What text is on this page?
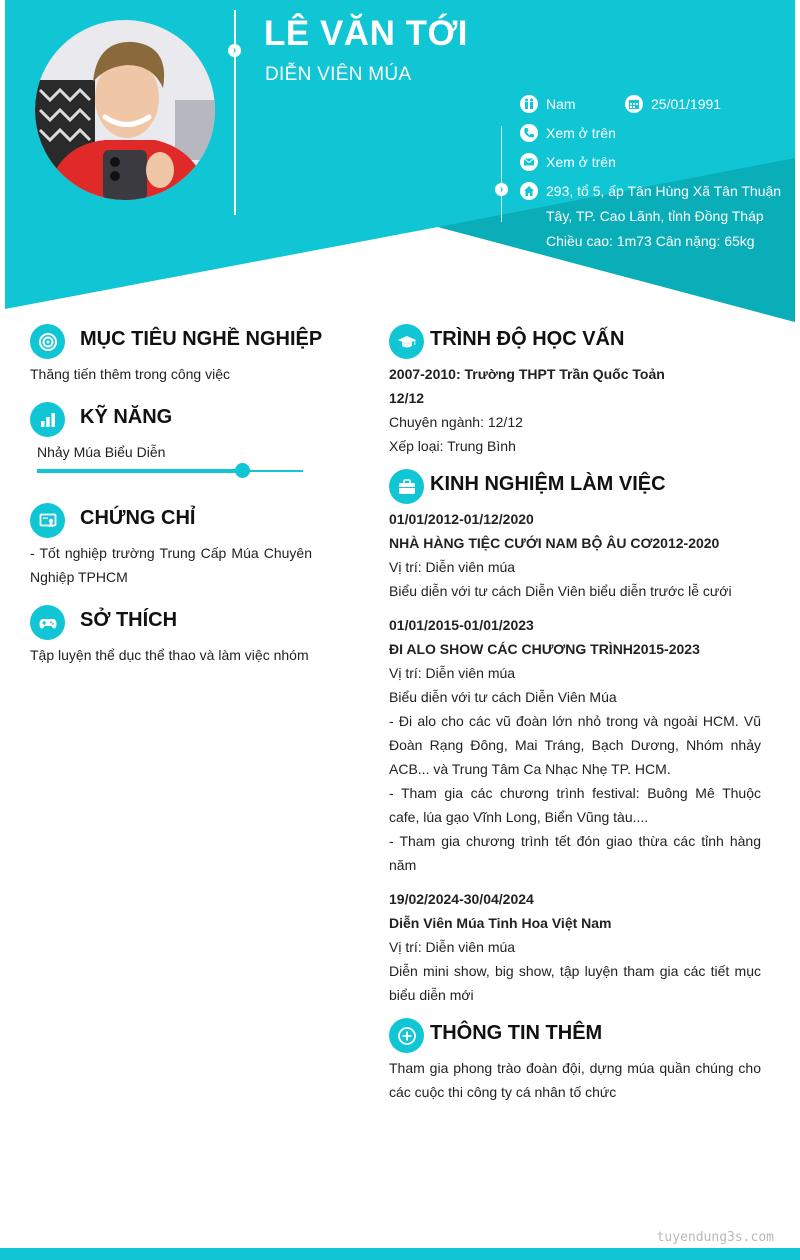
› LÊ VĂN TỚI
DIỄN VIÊN MÚA
›
Nam	25/01/1991
Xem ở trên
Xem ở trên
293, tổ 5, ấp Tân Hùng Xã Tân Thuận
Tây, TP. Cao Lãnh, tỉnh Đồng Tháp
Chiều cao: 1m73 Cân nặng: 65kg
MỤC TIÊU NGHỀ NGHIỆP
Thăng tiến thêm trong công việc
KỸ NĂNG
Nhảy Múa Biểu Diễn
CHỨNG CHỈ
- Tốt nghiệp trường Trung Cấp Múa Chuyên Nghiệp TPHCM
SỞ THÍCH
Tập luyện thể dục thể thao và làm việc nhóm
TRÌNH ĐỘ HỌC VẤN
2007-2010: Trường THPT Trần Quốc Toản
12/12
Chuyên ngành: 12/12
Xếp loại: Trung Bình
KINH NGHIỆM LÀM VIỆC
01/01/2012-01/12/2020
NHÀ HÀNG TIỆC CƯỚI NAM BỘ ÂU CƠ2012-2020
Vị trí: Diễn viên múa
Biểu diễn với tư cách Diễn Viên biểu diễn trước lễ cưới
01/01/2015-01/01/2023
ĐI ALO SHOW CÁC CHƯƠNG TRÌNH2015-2023
Vị trí: Diễn viên múa
Biểu diễn với tư cách Diễn Viên Múa
- Đi alo cho các vũ đoàn lớn nhỏ trong và ngoài HCM. Vũ Đoàn Rạng Đông, Mai Tráng, Bạch Dương, Nhóm nhảy ACB... và Trung Tâm Ca Nhạc Nhẹ TP. HCM.
- Tham gia các chương trình festival: Buông Mê Thuộc cafe, lúa gạo Vĩnh Long, Biển Vũng tàu....
- Tham gia chương trình tết đón giao thừa các tỉnh hàng năm
19/02/2024-30/04/2024
Diễn Viên Múa Tinh Hoa Việt Nam
Vị trí: Diễn viên múa
Diễn mini show, big show, tập luyện tham gia các tiết mục biểu diễn mới
THÔNG TIN THÊM
Tham gia phong trào đoàn đội, dựng múa quần chúng cho các cuộc thi công ty cá nhân tố chức
tuyendung3s.com
